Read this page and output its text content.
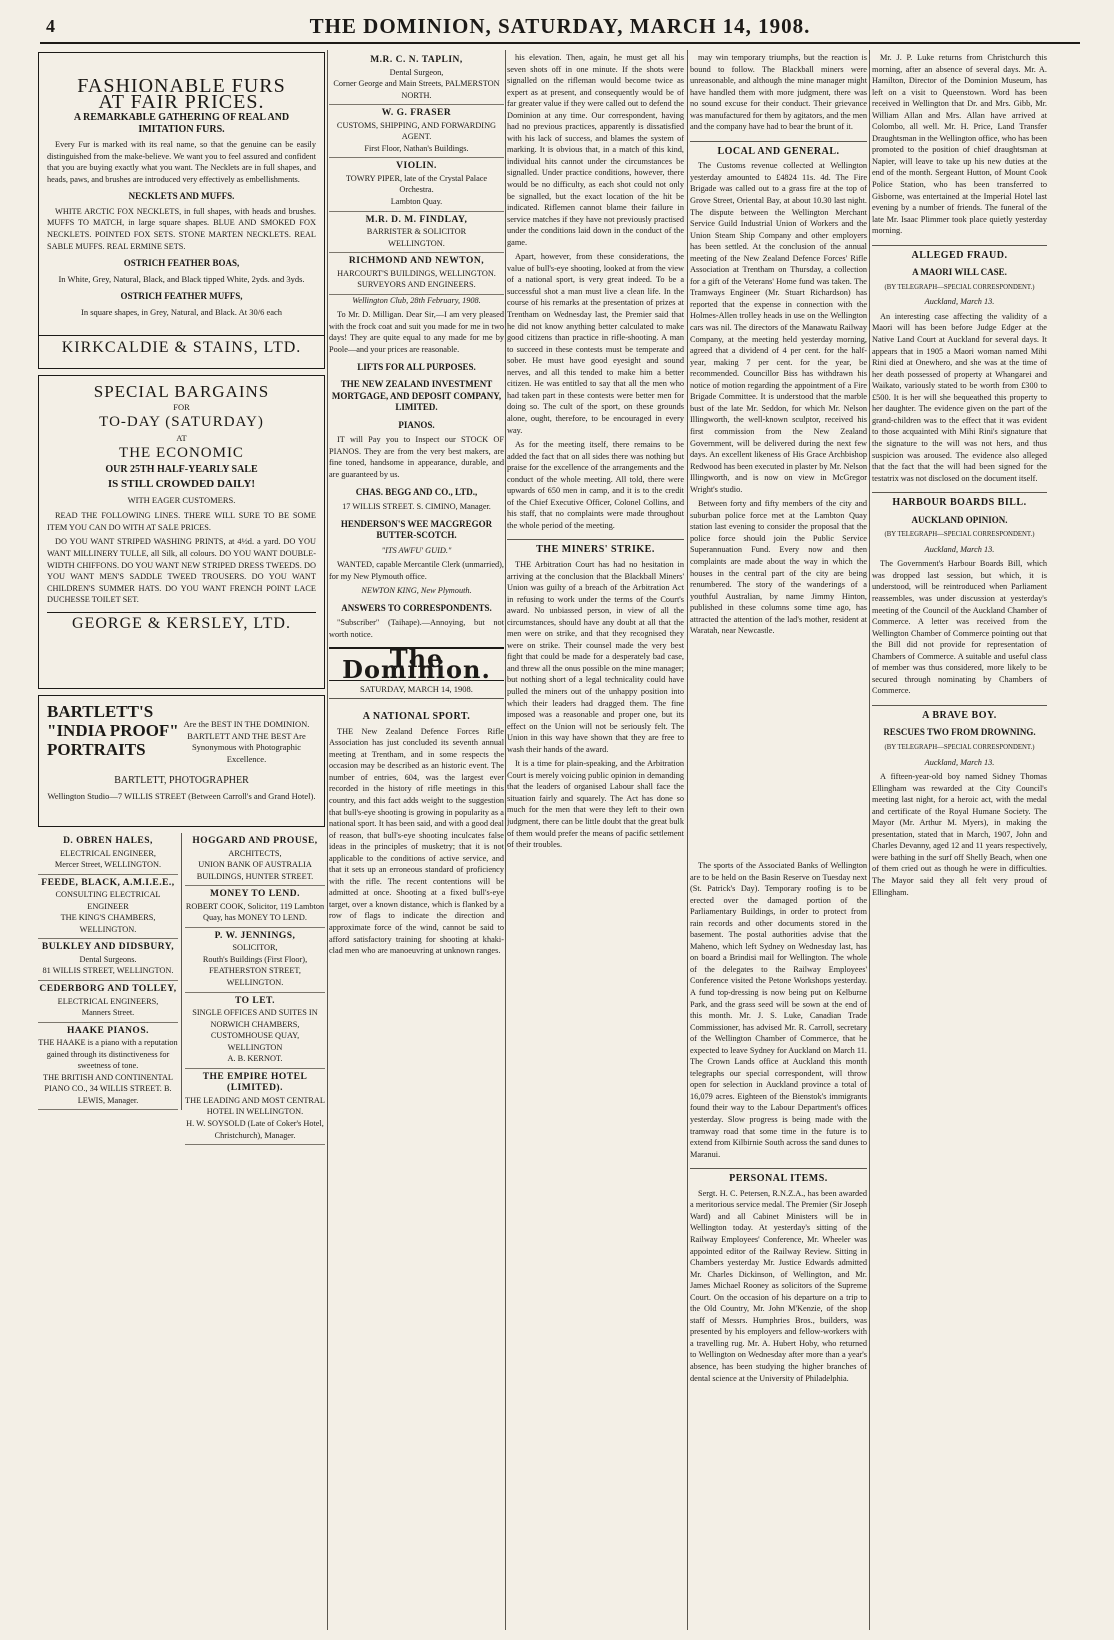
4	THE DOMINION, SATURDAY, MARCH 14, 1908.
FASHIONABLE FURS
AT FAIR PRICES.
A REMARKABLE GATHERING OF REAL AND IMITATION FURS.

Every Fur is marked with its real name, so that the genuine can be easily distinguished from the make-believe. We want you to feel assured and confident that you are buying exactly what you want. The Necklets are in full shapes, and heads, paws, and brushes are introduced very effectively as embellishments.

NECKLETS AND MUFFS.

WHITE ARCTIC FOX NECKLETS, in full shapes, with heads and brushes. MUFFS TO MATCH, in large square shapes. BLUE AND SMOKED FOX NECKLETS. POINTED FOX SETS. STONE MARTEN NECKLETS. REAL SABLE MUFFS. REAL ERMINE SETS.

OSTRICH FEATHER BOAS,
In White, Grey, Natural, Black, and Black tipped White, 2yds. and 3yds.
OSTRICH FEATHER MUFFS,
In square shapes, in Grey, Natural, and Black. At 30/6 each
KIRKCALDIE & STAINS, LTD.
SPECIAL BARGAINS
FOR
TO-DAY (SATURDAY)
AT
THE ECONOMIC
OUR 25TH HALF-YEARLY SALE
IS STILL CROWDED DAILY!
WITH EAGER CUSTOMERS.

READ THE FOLLOWING LINES. THERE WILL SURE TO BE SOME ITEM YOU CAN DO WITH AT SALE PRICES.

DO YOU WANT STRIPED WASHING PRINTS, at 4½d. a yard. DO YOU WANT MILLINERY TULLE, all Silk, all colours. DO YOU WANT DOUBLE-WIDTH CHIFFONS. DO YOU WANT NEW STRIPED DRESS TWEEDS. DO YOU WANT MEN'S SADDLE TWEED TROUSERS. DO YOU WANT CHILDREN'S SUMMER HATS. DO YOU WANT FRENCH POINT LACE DUCHESSE TOILET SET.

GEORGE & KERSLEY, LTD.
BARTLETT'S
"INDIA PROOF"
PORTRAITS
Are the BEST IN THE DOMINION. BARTLETT AND THE BEST Are Synonymous with Photographic Excellence.
BARTLETT, PHOTOGRAPHER
Wellington Studio—7 WILLIS STREET (Between Carroll's and Grand Hotel).
D. OBREN HALES,
ELECTRICAL ENGINEER,
Mercer Street, WELLINGTON.
FEEDE, BLACK, A.M.I.E.E.,
CONSULTING ELECTRICAL ENGINEER
THE KING'S CHAMBERS, WELLINGTON.
BULKLEY AND DIDSBURY,
Dental Surgeons.
81 WILLIS STREET, WELLINGTON.
CEDERBORG AND TOLLEY,
ELECTRICAL ENGINEERS,
Manners Street.
HAAKE PIANOS.
THE HAAKE is a piano with a reputation gained through its distinctiveness for sweetness of tone.
THE BRITISH AND CONTINENTAL PIANO CO., 34 WILLIS STREET. B. LEWIS, Manager.
HOGGARD AND PROUSE,
ARCHITECTS,
UNION BANK OF AUSTRALIA BUILDINGS, HUNTER STREET.
MONEY TO LEND.
ROBERT COOK, Solicitor, 119 Lambton Quay, has MONEY TO LEND.
P. W. JENNINGS,
SOLICITOR,
Routh's Buildings (First Floor), FEATHERSTON STREET, WELLINGTON.
TO LET.
SINGLE OFFICES AND SUITES IN NORWICH CHAMBERS, CUSTOMHOUSE QUAY, WELLINGTON
A. B. KERNOT.
THE EMPIRE HOTEL (LIMITED).
THE LEADING AND MOST CENTRAL HOTEL IN WELLINGTON.
H. W. SOYSOLD (Late of Coker's Hotel, Christchurch), Manager.
M.R. C. N. TAPLIN,
Dental Surgeon,
Corner George and Main Streets, PALMERSTON NORTH.
W. G. FRASER
CUSTOMS, SHIPPING, AND FORWARDING AGENT.
First Floor, Nathan's Buildings.
VIOLIN.
TOWRY PIPER, late of the Crystal Palace Orchestra.
Lambton Quay.
M.R. D. M. FINDLAY,
BARRISTER & SOLICITOR
WELLINGTON.
RICHMOND AND NEWTON,
HARCOURT'S BUILDINGS, WELLINGTON.
SURVEYORS AND ENGINEERS.
Wellington Club, 28th February, 1908.

To Mr. D. Milligan. Dear Sir,—I am very pleased with the frock coat and suit you made for me in two days! They are quite equal to any made for me by Poole—and your prices are reasonable.

LIFTS FOR ALL PURPOSES.
THE NEW ZEALAND INVESTMENT MORTGAGE, AND DEPOSIT COMPANY, LIMITED.
PIANOS.

IT will Pay you to Inspect our STOCK OF PIANOS. They are from the very best makers, are fine toned, handsome in appearance, durable, and are guaranteed by us.

CHAS. BEGG AND CO., LTD.,
17 WILLIS STREET. S. CIMINO, Manager.
HENDERSON'S WEE MACGREGOR BUTTER-SCOTCH.
"ITS AWFU' GUID."

WANTED, capable Mercantile Clerk (unmarried), for my New Plymouth office.

NEWTON KING, New Plymouth.
ANSWERS TO CORRESPONDENTS.

"Subscriber" (Taihape).—Annoying, but not worth notice.

The Dominion.
SATURDAY, MARCH 14, 1908.
A NATIONAL SPORT.

THE New Zealand Defence Forces Rifle Association has just concluded its seventh annual meeting at Trentham, and in some respects the occasion may be described as an historic event. The number of entries, 604, was the largest ever recorded in the history of rifle meetings in this country, and this fact adds weight to the suggestion that bull's-eye shooting is growing in popularity as a national sport. It has been said, and with a good deal of reason, that bull's-eye shooting inculcates false ideas in the principles of musketry; that it is not applicable to the conditions of active service, and that it sets up an erroneous standard of proficiency with the rifle. The recent contentions will be admitted at once. Shooting at a fixed bull's-eye target, over a known distance, which is flanked by a row of flags to indicate the direction and approximate force of the wind, cannot be said to afford satisfactory training for shooting at khaki-clad men who are manoeuvring at unknown ranges.

his elevation. Then, again, he must get all his seven shots off in one minute. If the shots were signalled on the rifleman would become twice as expert as at present, and consequently would be of far greater value if they were called out to defend the Dominion at any time. Our correspondent, having had no previous practices, apparently is dissatisfied with his lack of success, and blames the system of marking. It is obvious that, in a match of this kind, individual hits cannot under the circumstances be signalled. Under practice conditions, however, there would be no difficulty, as each shot could not only be signalled, but the exact location of the hit be indicated. Riflemen cannot blame their failure in service matches if they have not previously practised under the conditions laid down in the conduct of the game.

Apart, however, from these considerations, the value of bull's-eye shooting, looked at from the view of a national sport, is very great indeed. To be a successful shot a man must live a clean life. In the course of his remarks at the presentation of prizes at Trentham on Wednesday last, the Premier said that he did not know anything better calculated to make good citizens than practice in rifle-shooting. A man to succeed in these contests must be temperate and sober. He must have good eyesight and sound nerves, and all this tended to make him a better citizen. He was entitled to say that all the men who had taken part in these contests were better men for doing so. The cult of the sport, on these grounds alone, ought, therefore, to be encouraged in every way.

As for the meeting itself, there remains to be added the fact that on all sides there was nothing but praise for the excellence of the arrangements and the conduct of the whole meeting. All told, there were upwards of 650 men in camp, and it is to the credit of the Chief Executive Officer, Colonel Collins, and his staff, that no complaints were made throughout the whole period of the meeting.

THE MINERS' STRIKE.

THE Arbitration Court has had no hesitation in arriving at the conclusion that the Blackball Miners' Union was guilty of a breach of the Arbitration Act in refusing to work under the terms of the Court's award. No unbiassed person, in view of all the circumstances, should have any doubt at all that the men were on strike, and that they recognised they were on strike. Their counsel made the very best fight that could be made for a desperately bad case, and threw all the onus possible on the mine manager; but nothing short of a legal technicality could have pulled the miners out of the unhappy position into which their leaders had dragged them. The fine imposed was a reasonable and proper one, but its effect on the Union will not be seriously felt. The Union in this way have shown that they are free to wash their hands of the award.

It is a time for plain-speaking, and the Arbitration Court is merely voicing public opinion in demanding that the leaders of organised Labour shall face the situation fairly and squarely. The Act has done so much for the men that were they left to their own judgment, there can be little doubt that the great bulk of them would prefer the means of pacific settlement of their troubles.

may win temporary triumphs, but the reaction is bound to follow. The Blackball miners were unreasonable, and although the mine manager might have handled them with more judgment, there was no sound excuse for their conduct. Their grievance was manufactured for them by agitators, and the men and the company have had to bear the brunt of it.

LOCAL AND GENERAL.

The Customs revenue collected at Wellington yesterday amounted to £4824 11s. 4d. The Fire Brigade was called out to a grass fire at the top of Grove Street, Oriental Bay, at about 10.30 last night. The dispute between the Wellington Merchant Service Guild Industrial Union of Workers and the Union Steam Ship Company and other employers has been settled. At the conclusion of the annual meeting of the New Zealand Defence Forces' Rifle Association at Trentham on Thursday, a collection for a gift of the Veterans' Home fund was taken. The Tramways Engineer (Mr. Stuart Richardson) has reported that the expense in connection with the Holmes-Allen trolley heads in use on the Wellington cars was nil. The directors of the Manawatu Railway Company, at the meeting held yesterday morning, agreed that a dividend of 4 per cent. for the half-year, making 7 per cent. for the year, be recommended. Councillor Biss has withdrawn his notice of motion regarding the appointment of a Fire Brigade Committee. It is understood that the marble bust of the late Mr. Seddon, for which Mr. Nelson Illingworth, the well-known sculptor, received his first commission from the New Zealand Government, will be delivered during the next few days. An excellent likeness of His Grace Archbishop Redwood has been executed in plaster by Mr. Nelson Illingworth, and is now on view in McGregor Wright's studio.

Between forty and fifty members of the city and suburban police force met at the Lambton Quay station last evening to consider the proposal that the police force should join the Public Service Superannuation Fund. Every now and then complaints are made about the way in which the houses in the central part of the city are being renumbered. The story of the wanderings of a youthful Australian, by name Jimmy Hinton, published in these columns some time ago, has attracted the attention of the lad's mother, resident at Waratah, near Newcastle.

Mr. J. P. Luke returns from Christchurch this morning, after an absence of several days. Mr. A. Hamilton, Director of the Dominion Museum, has left on a visit to Queenstown. Word has been received in Wellington that Dr. and Mrs. Gibb, Mr. William Allan and Mrs. Allan have arrived at Colombo, all well. Mr. H. Price, Land Transfer Draughtsman in the Wellington office, who has been promoted to the position of chief draughtsman at Napier, will leave to take up his new duties at the end of the month. Sergeant Hutton, of Mount Cook Police Station, who has been transferred to Gisborne, was entertained at the Imperial Hotel last evening by a number of friends. The funeral of the late Mr. Isaac Plimmer took place quietly yesterday morning.

ALLEGED FRAUD.
A MAORI WILL CASE.
(BY TELEGRAPH—SPECIAL CORRESPONDENT.)
Auckland, March 13.

An interesting case affecting the validity of a Maori will has been before Judge Edger at the Native Land Court at Auckland for several days. It appears that in 1905 a Maori woman named Mihi Rini died at Onewhero, and she was at the time of her death possessed of property at Whangarei and Waikato, variously stated to be worth from £300 to £500. It is her will she bequeathed this property to her daughter. The evidence given on the part of the grand-children was to the effect that it was evident to those acquainted with Mihi Rini's signature that the signature to the will was not hers, and thus suspicion was aroused. The evidence also alleged that the fact that the will had been signed for the testatrix was not disclosed on the document itself.

HARBOUR BOARDS BILL.
AUCKLAND OPINION.
(BY TELEGRAPH—SPECIAL CORRESPONDENT.)
Auckland, March 13.

The Government's Harbour Boards Bill, which was dropped last session, but which, it is understood, will be reintroduced when Parliament reassembles, was under discussion at yesterday's meeting of the Council of the Auckland Chamber of Commerce. A letter was received from the Wellington Chamber of Commerce pointing out that the Bill did not provide for representation of Chambers of Commerce. A suitable and useful class of member was thus considered, more likely to be secured through nominating by Chambers of Commerce.

A BRAVE BOY.
RESCUES TWO FROM DROWNING.
(BY TELEGRAPH—SPECIAL CORRESPONDENT.)
Auckland, March 13.

A fifteen-year-old boy named Sidney Thomas Ellingham was rewarded at the City Council's meeting last night, for a heroic act, with the medal and certificate of the Royal Humane Society. The Mayor (Mr. Arthur M. Myers), in making the presentation, stated that in March, 1907, John and Charles Devanny, aged 12 and 11 years respectively, were bathing in the surf off Shelly Beach, when one of them cried out as though he were in difficulties. The Mayor said they all felt very proud of Ellingham.

The sports of the Associated Banks of Wellington are to be held on the Basin Reserve on Tuesday next (St. Patrick's Day). Temporary roofing is to be erected over the damaged portion of the Parliamentary Buildings, in order to protect from rain records and other documents stored in the basement. The postal authorities advise that the Maheno, which left Sydney on Wednesday last, has on board a Brindisi mail for Wellington. The whole of the delegates to the Railway Employees' Conference visited the Petone Workshops yesterday. A fund top-dressing is now being put on Kelburne Park, and the grass seed will be sown at the end of this month. Mr. J. S. Luke, Canadian Trade Commissioner, has advised Mr. R. Carroll, secretary of the Wellington Chamber of Commerce, that he expected to leave Sydney for Auckland on March 11. The Crown Lands office at Auckland this month telegraphs our special correspondent, will throw open for selection in Auckland province a total of 16,079 acres. Eighteen of the Bienstok's immigrants found their way to the Labour Department's offices yesterday. Slow progress is being made with the tramway road that some time in the future is to extend from Kilbirnie South across the sand dunes to Maranui.

PERSONAL ITEMS.

Sergt. H. C. Petersen, R.N.Z.A., has been awarded a meritorious service medal. The Premier (Sir Joseph Ward) and all Cabinet Ministers will be in Wellington today. At yesterday's sitting of the Railway Employees' Conference, Mr. Wheeler was appointed editor of the Railway Review. Sitting in Chambers yesterday Mr. Justice Edwards admitted Mr. Charles Dickinson, of Wellington, and Mr. James Michael Rooney as solicitors of the Supreme Court. On the occasion of his departure on a trip to the Old Country, Mr. John M'Kenzie, of the shop staff of Messrs. Humphries Bros., builders, was presented by his employers and fellow-workers with a travelling rug. Mr. A. Hubert Hoby, who returned to Wellington on Wednesday after more than a year's absence, has been studying the higher branches of dental science at the University of Philadelphia.
